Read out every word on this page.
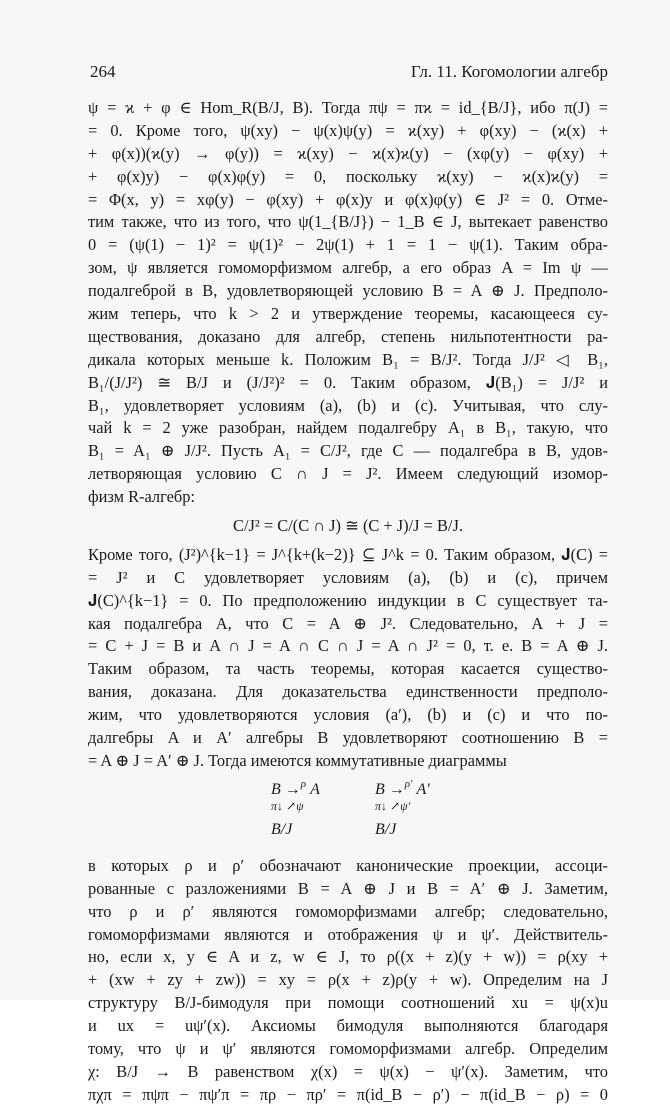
264	Гл. 11. Когомологии алгебр
ψ = ϰ + φ ∈ Hom_R(B/J, B). Тогда πψ = πϰ = id_{B/J}, ибо π(J) =
= 0. Кроме того, ψ(xy) − ψ(x)ψ(y) = ϰ(xy) + φ(xy) − (ϰ(x) +
+ φ(x))(ϰ(y) → φ(y)) = ϰ(xy) − ϰ(x)ϰ(y) − (xφ(y) − φ(xy) +
+ φ(x)y) − φ(x)φ(y) = 0, поскольку ϰ(xy) − ϰ(x)ϰ(y) =
= Φ(x, y) = xφ(y) − φ(xy) + φ(x)y и φ(x)φ(y) ∈ J² = 0. Отме-
тим также, что из того, что ψ(1_{B/J}) − 1_B ∈ J, вытекает равенство
0 = (ψ(1) − 1)² = ψ(1)² − 2ψ(1) + 1 = 1 − ψ(1). Таким обра-
зом, ψ является гомоморфизмом алгебр, а его образ A = Im ψ —
подалгеброй в B, удовлетворяющей условию B = A ⊕ J. Предполо-
жим теперь, что k > 2 и утверждение теоремы, касающееся су-
ществования, доказано для алгебр, степень нильпотентности ра-
дикала которых меньше k. Положим B₁ = B/J². Тогда J/J² ◁ B₁,
B₁/(J/J²) ≅ B/J и (J/J²)² = 0. Таким образом, 𝐉(B₁) = J/J² и
B₁, удовлетворяет условиям (a), (b) и (c). Учитывая, что слу-
чай k = 2 уже разобран, найдем подалгебру A₁ в B₁, такую, что
B₁ = A₁ ⊕ J/J². Пусть A₁ = C/J², где C — подалгебра в B, удов-
летворяющая условию C ∩ J = J². Имеем следующий изомор-
физм R-алгебр:
C/J² = C/(C ∩ J) ≅ (C + J)/J = B/J.
Кроме того, (J²)^{k−1} = J^{k+(k−2)} ⊆ J^k = 0. Таким образом, 𝐉(C) =
= J² и C удовлетворяет условиям (a), (b) и (c), причем
𝐉(C)^{k−1} = 0. По предположению индукции в C существует та-
кая подалгебра A, что C = A ⊕ J². Следовательно, A + J =
= C + J = B и A ∩ J = A ∩ C ∩ J = A ∩ J² = 0, т. е. B = A ⊕ J.
Таким образом, та часть теоремы, которая касается существо-
вания, доказана. Для доказательства единственности предполо-
жим, что удовлетворяются условия (a′), (b) и (c) и что по-
далгебры A и A′ алгебры B удовлетворяют соотношению B =
= A ⊕ J = A′ ⊕ J. Тогда имеются коммутативные диаграммы
B →$^\rho$ A
π↓ ↗ψ
B/J
B →$^{\rho'}$ A′
π↓ ↗ψ′
B/J
в которых ρ и ρ′ обозначают канонические проекции, ассоци-
рованные с разложениями B = A ⊕ J и B = A′ ⊕ J. Заметим,
что ρ и ρ′ являются гомоморфизмами алгебр; следовательно,
гомоморфизмами являются и отображения ψ и ψ′. Действитель-
но, если x, y ∈ A и z, w ∈ J, то ρ((x + z)(y + w)) = ρ(xy +
+ (xw + zy + zw)) = xy = ρ(x + z)ρ(y + w). Определим на J
структуру B/J-бимодуля при помощи соотношений xu = ψ(x)u
и ux = uψ′(x). Аксиомы бимодуля выполняются благодаря
тому, что ψ и ψ′ являются гомоморфизмами алгебр. Определим
χ: B/J → B равенством χ(x) = ψ(x) − ψ′(x). Заметим, что
πχπ = πψπ − πψ′π = πρ − πρ′ = π(id_B − ρ′) − π(id_B − ρ) = 0
